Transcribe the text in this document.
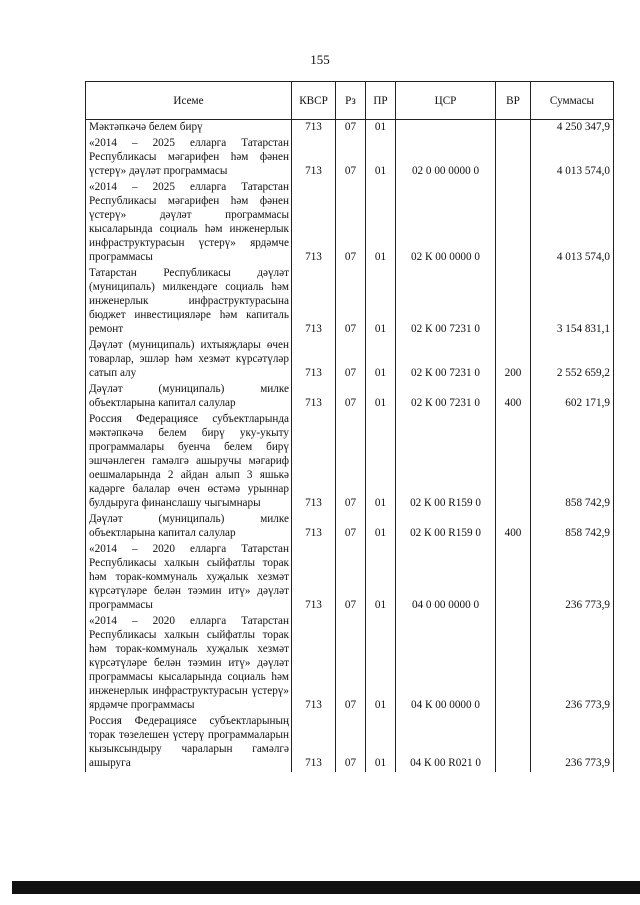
155
Исеме	КВСР	Рз	ПР	ЦСР	ВР	Суммасы
Мәктәпкәчә белем бирү	713	07	01			4 250 347,9
«2014 – 2025 елларга Татарстан Республикасы мәгарифен һәм фәнен үстерү» дәүләт программасы	713	07	01	02 0 00 0000 0		4 013 574,0
«2014 – 2025 елларга Татарстан Республикасы мәгарифен һәм фәнен үстерү» дәүләт программасы кысаларында социаль һәм инженерлык инфраструктурасын үстерү» ярдәмче программасы	713	07	01	02 К 00 0000 0		4 013 574,0
Татарстан Республикасы дәүләт (муниципаль) милкендәге социаль һәм инженерлык инфраструктурасына бюджет инвестицияләре һәм капиталь ремонт	713	07	01	02 К 00 7231 0		3 154 831,1
Дәүләт (муниципаль) ихтыяҗлары өчен товарлар, эшләр һәм хезмәт күрсәтүләр сатып алу	713	07	01	02 К 00 7231 0	200	2 552 659,2
Дәүләт (муниципаль) милке объектларына капитал салулар	713	07	01	02 К 00 7231 0	400	602 171,9
Россия Федерациясе субъектларында мәктәпкәчә белем бирү уку-укыту программалары буенча белем бирү эшчәнлеген гамәлгә ашыручы мәгариф оешмаларында 2 айдан алып 3 яшькә кадәрге балалар өчен өстәмә урыннар булдыруга финанслашу чыгымнары	713	07	01	02 К 00 R159 0		858 742,9
Дәүләт (муниципаль) милке объектларына капитал салулар	713	07	01	02 К 00 R159 0	400	858 742,9
«2014 – 2020 елларга Татарстан Республикасы халкын сыйфатлы торак һәм торак-коммуналь хуҗалык хезмәт күрсәтүләре белән тәэмин итү» дәүләт программасы	713	07	01	04 0 00 0000 0		236 773,9
«2014 – 2020 елларга Татарстан Республикасы халкын сыйфатлы торак һәм торак-коммуналь хуҗалык хезмәт күрсәтүләре белән тәэмин итү» дәүләт программасы кысаларында социаль һәм инженерлык инфраструктурасын үстерү» ярдәмче программасы	713	07	01	04 К 00 0000 0		236 773,9
Россия Федерациясе субъектларының торак төзелешен үстерү программаларын кызыксындыру чараларын гамәлгә ашыруга	713	07	01	04 К 00 R021 0		236 773,9
